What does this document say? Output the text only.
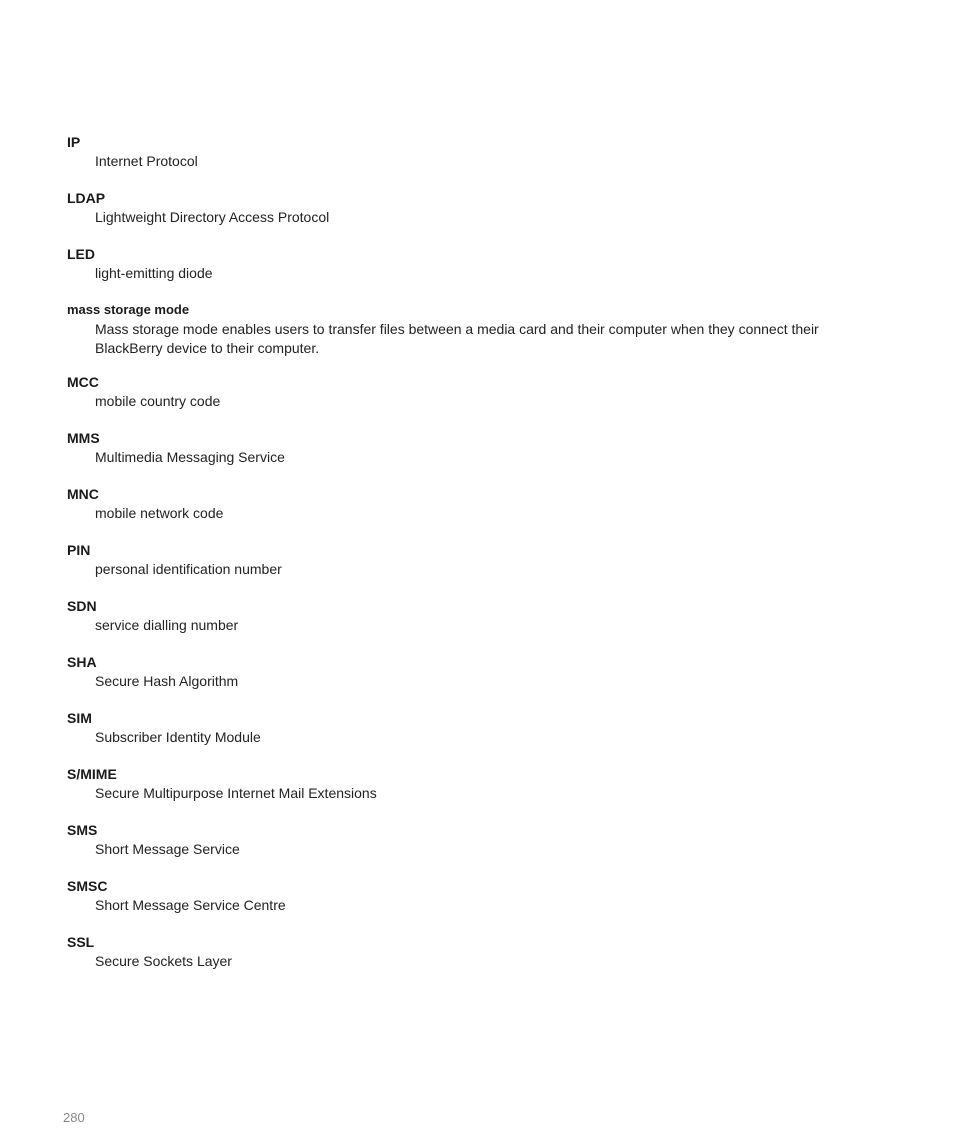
IP
Internet Protocol
LDAP
Lightweight Directory Access Protocol
LED
light-emitting diode
mass storage mode
Mass storage mode enables users to transfer files between a media card and their computer when they connect their BlackBerry device to their computer.
MCC
mobile country code
MMS
Multimedia Messaging Service
MNC
mobile network code
PIN
personal identification number
SDN
service dialling number
SHA
Secure Hash Algorithm
SIM
Subscriber Identity Module
S/MIME
Secure Multipurpose Internet Mail Extensions
SMS
Short Message Service
SMSC
Short Message Service Centre
SSL
Secure Sockets Layer
280
